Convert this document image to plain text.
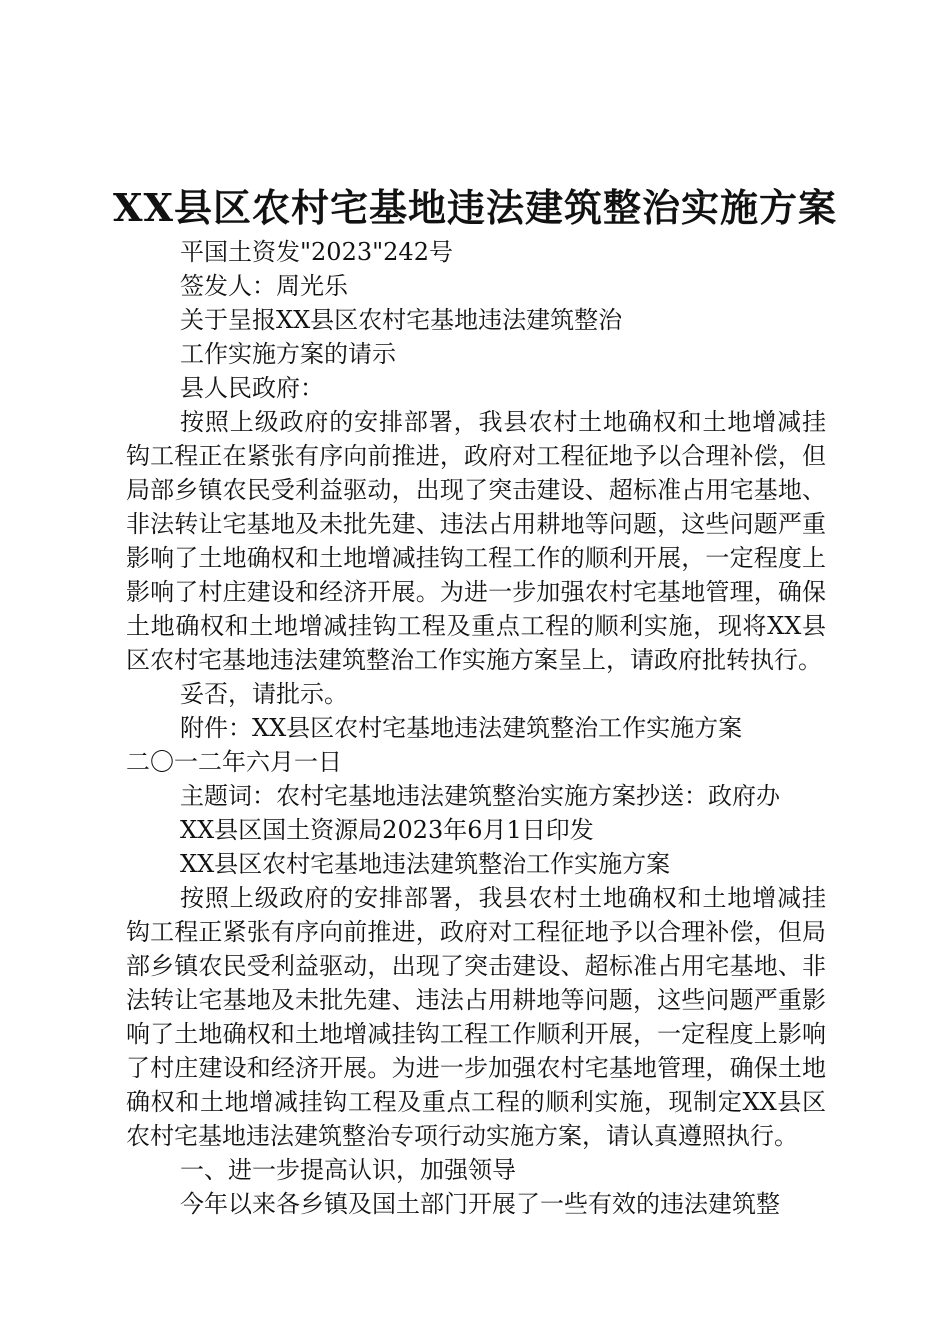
XX县区农村宅基地违法建筑整治实施方案
平国土资发"2023"242号
签发人：周光乐
关于呈报XX县区农村宅基地违法建筑整治
工作实施方案的请示
县人民政府：

按照上级政府的安排部署，我县农村土地确权和土地增减挂钩工程正在紧张有序向前推进，政府对工程征地予以合理补偿，但局部乡镇农民受利益驱动，出现了突击建设、超标准占用宅基地、非法转让宅基地及未批先建、违法占用耕地等问题，这些问题严重影响了土地确权和土地增减挂钩工程工作的顺利开展，一定程度上影响了村庄建设和经济开展。为进一步加强农村宅基地管理，确保土地确权和土地增减挂钩工程及重点工程的顺利实施，现将XX县区农村宅基地违法建筑整治工作实施方案呈上，请政府批转执行。

妥否，请批示。
附件：XX县区农村宅基地违法建筑整治工作实施方案
二〇一二年六月一日
主题词：农村宅基地违法建筑整治实施方案抄送：政府办
XX县区国土资源局2023年6月1日印发
XX县区农村宅基地违法建筑整治工作实施方案

按照上级政府的安排部署，我县农村土地确权和土地增减挂钩工程正紧张有序向前推进，政府对工程征地予以合理补偿，但局部乡镇农民受利益驱动，出现了突击建设、超标准占用宅基地、非法转让宅基地及未批先建、违法占用耕地等问题，这些问题严重影响了土地确权和土地增减挂钩工程工作顺利开展，一定程度上影响了村庄建设和经济开展。为进一步加强农村宅基地管理，确保土地确权和土地增减挂钩工程及重点工程的顺利实施，现制定XX县区农村宅基地违法建筑整治专项行动实施方案，请认真遵照执行。

一、进一步提高认识，加强领导
今年以来各乡镇及国土部门开展了一些有效的违法建筑整
